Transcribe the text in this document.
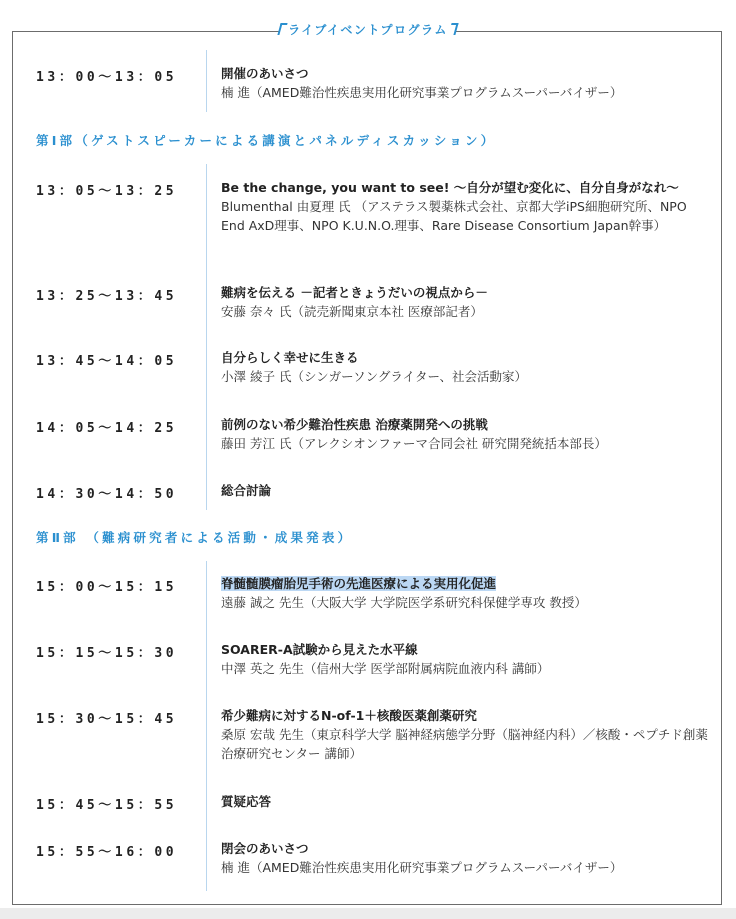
ライブイベントプログラム
13：00～13：05	開催のあいさつ
楠 進（AMED難治性疾患実用化研究事業プログラムスーパーバイザー）
第Ⅰ部（ゲストスピーカーによる講演とパネルディスカッション）
13：05～13：25	Be the change, you want to see! ～自分が望む変化に、自分自身がなれ～
Blumenthal 由夏理 氏 （アステラス製薬株式会社、京都大学iPS細胞研究所、NPO End AxD理事、NPO K.U.N.O.理事、Rare Disease Consortium Japan幹事）
13：25～13：45	難病を伝える －記者ときょうだいの視点から－
安藤 奈々 氏（読売新聞東京本社 医療部記者）
13：45～14：05	自分らしく幸せに生きる
小澤 綾子 氏（シンガーソングライター、社会活動家）
14：05～14：25	前例のない希少難治性疾患 治療薬開発への挑戦
藤田 芳江 氏（アレクシオンファーマ合同会社 研究開発統括本部長）
14：30～14：50	総合討論
第Ⅱ部 （難病研究者による活動・成果発表）
15：00～15：15	脊髄髄膜瘤胎児手術の先進医療による実用化促進
遠藤 誠之 先生（大阪大学 大学院医学系研究科保健学専攻 教授）
15：15～15：30	SOARER-A試験から見えた水平線
中澤 英之 先生（信州大学 医学部附属病院血液内科 講師）
15：30～15：45	希少難病に対するN-of-1＋核酸医薬創薬研究
桑原 宏哉 先生（東京科学大学 脳神経病態学分野（脳神経内科）／核酸・ペプチド創薬治療研究センター 講師）
15：45～15：55	質疑応答
15：55～16：00	閉会のあいさつ
楠 進（AMED難治性疾患実用化研究事業プログラムスーパーバイザー）
